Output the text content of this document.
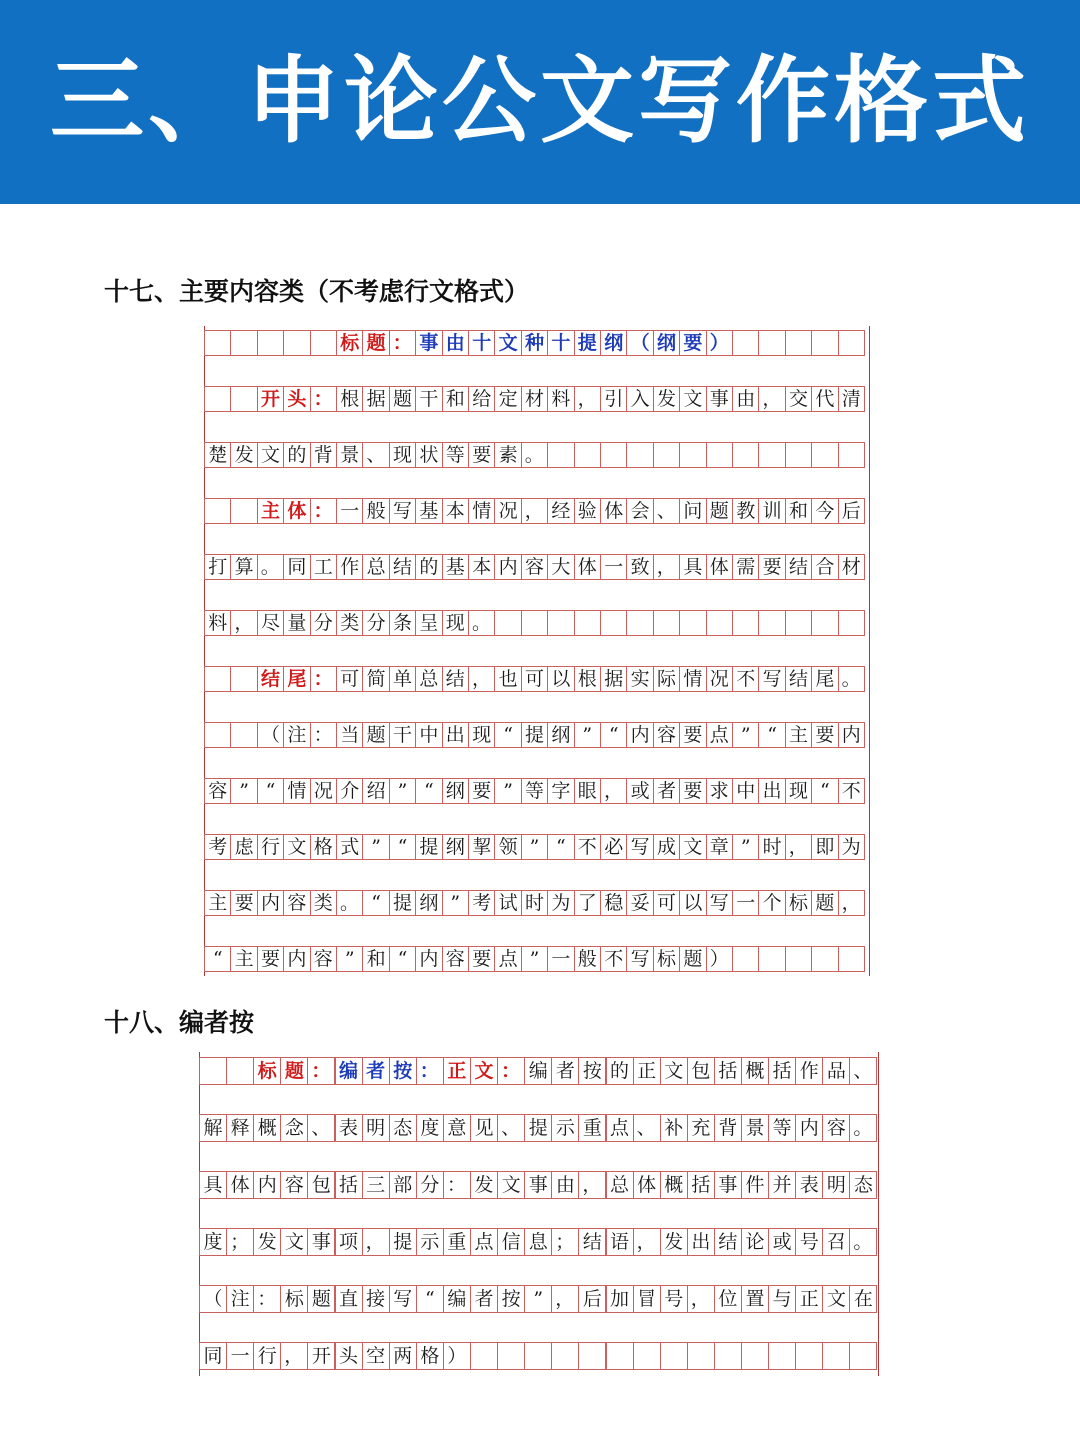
三、申论公文写作格式
十七、主要内容类（不考虑行文格式）
标 题 ： 事 由 十 文 种 十 提 纲 （ 纲 要 ）
开 头 ： 根 据 题 干 和 给 定 材 料 ， 引 入 发 文 事 由 ， 交 代 清
楚 发 文 的 背 景 、 现 状 等 要 素 。
主 体 ： 一 般 写 基 本 情 况 ， 经 验 体 会 、 问 题 教 训 和 今 后
打 算 。 同 工 作 总 结 的 基 本 内 容 大 体 一 致 ， 具 体 需 要 结 合 材
料 ， 尽 量 分 类 分 条 呈 现 。
结 尾 ： 可 简 单 总 结 ， 也 可 以 根 据 实 际 情 况 不 写 结 尾 。
（ 注 ： 当 题 干 中 出 现 “ 提 纲 ” “ 内 容 要 点 ” “ 主 要 内
容 ” “ 情 况 介 绍 ” “ 纲 要 ” 等 字 眼 ， 或 者 要 求 中 出 现 “ 不
考 虑 行 文 格 式 ” “ 提 纲 挈 领 ” “ 不 必 写 成 文 章 ” 时 ， 即 为
主 要 内 容 类 。 “ 提 纲 ” 考 试 时 为 了 稳 妥 可 以 写 一 个 标 题 ，
“ 主 要 内 容 ” 和 “ 内 容 要 点 ” 一 般 不 写 标 题 ）
十八、编者按
标 题 ： 编 者 按 ： 正 文 ： 编 者 按 的 正 文 包 括 概 括 作 品 、
解 释 概 念 、 表 明 态 度 意 见 、 提 示 重 点 、 补 充 背 景 等 内 容 。
具 体 内 容 包 括 三 部 分 ： 发 文 事 由 ， 总 体 概 括 事 件 并 表 明 态
度 ； 发 文 事 项 ， 提 示 重 点 信 息 ； 结 语 ， 发 出 结 论 或 号 召 。
（ 注 ： 标 题 直 接 写 “ 编 者 按 ” ， 后 加 冒 号 ， 位 置 与 正 文 在
同 一 行 ， 开 头 空 两 格 ）
